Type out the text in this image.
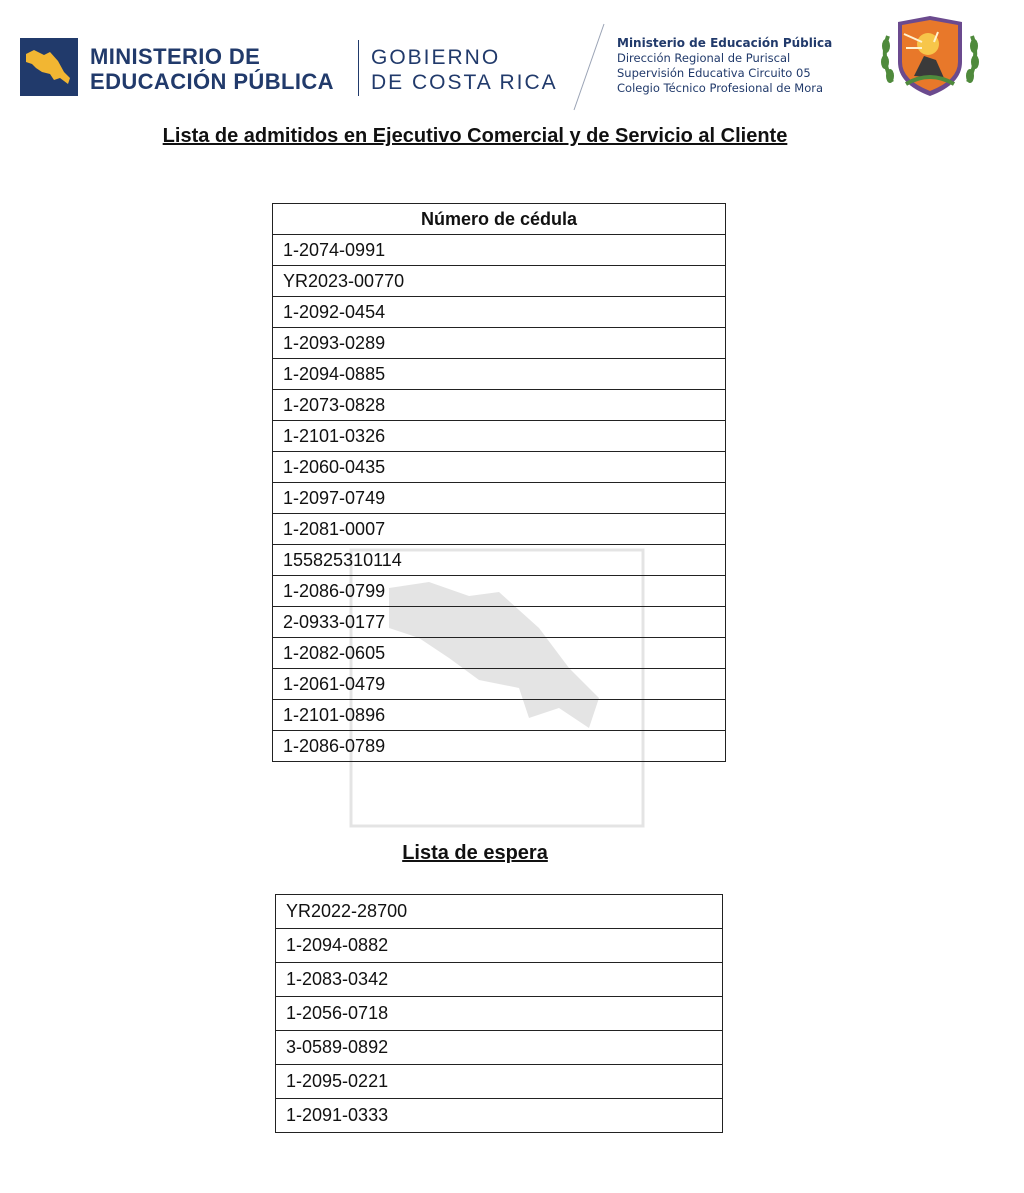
MINISTERIO DE
EDUCACIÓN PÚBLICA
GOBIERNO
DE COSTA RICA
Ministerio de Educación Pública
Dirección Regional de Puriscal
Supervisión Educativa Circuito 05
Colegio Técnico Profesional de Mora
Lista de admitidos en Ejecutivo Comercial y de Servicio al Cliente
Número de cédula
1-2074-0991
YR2023-00770
1-2092-0454
1-2093-0289
1-2094-0885
1-2073-0828
1-2101-0326
1-2060-0435
1-2097-0749
1-2081-0007
155825310114
1-2086-0799
2-0933-0177
1-2082-0605
1-2061-0479
1-2101-0896
1-2086-0789
Lista de espera
YR2022-28700
1-2094-0882
1-2083-0342
1-2056-0718
3-0589-0892
1-2095-0221
1-2091-0333
